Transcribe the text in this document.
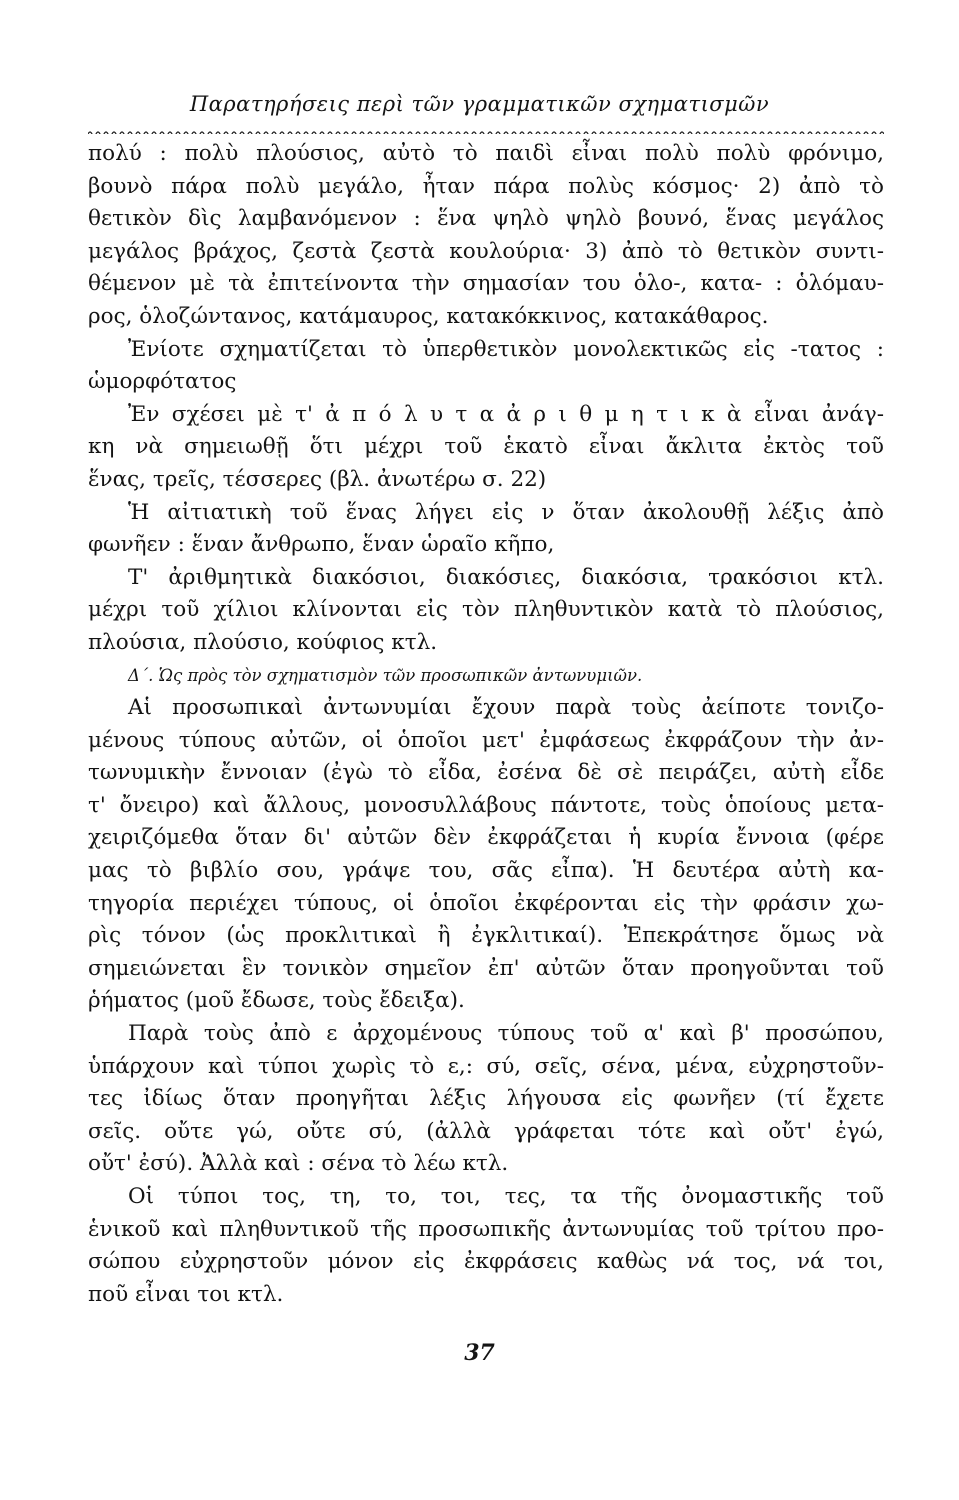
Παρατηρήσεις περὶ τῶν γραμματικῶν σχηματισμῶν
πολύ : πολὺ πλούσιος, αὐτὸ τὸ παιδὶ εἶναι πολὺ πολὺ φρόνιμο,
βουνὸ πάρα πολὺ μεγάλο, ἦταν πάρα πολὺς κόσμος· 2) ἀπὸ τὸ
θετικὸν δὶς λαμβανόμενον : ἕνα ψηλὸ ψηλὸ βουνό, ἕνας μεγάλος
μεγάλος βράχος, ζεστὰ ζεστὰ κουλούρια· 3) ἀπὸ τὸ θετικὸν συντι-
θέμενον μὲ τὰ ἐπιτείνοντα τὴν σημασίαν του ὁλο-, κατα- : ὁλόμαυ-
ρος, ὁλοζώντανος, κατάμαυρος, κατακόκκινος, κατακάθαρος.
Ἐνίοτε σχηματίζεται τὸ ὑπερθετικὸν μονολεκτικῶς εἰς -τατος :
ὡμορφότατος
Ἐν σχέσει μὲ τ' ἀ π ό λ υ τ α ἀ ρ ι θ μ η τ ι κ ὰ εἶναι ἀνάγ-
κη νὰ σημειωθῇ ὅτι μέχρι τοῦ ἑκατὸ εἶναι ἄκλιτα ἐκτὸς τοῦ
ἕνας, τρεῖς, τέσσερες (βλ. ἀνωτέρω σ. 22)
Ἡ αἰτιατικὴ τοῦ ἕνας λήγει εἰς ν ὅταν ἀκολουθῇ λέξις ἀπὸ
φωνῆεν : ἕναν ἄνθρωπο, ἕναν ὡραῖο κῆπο,
Τ' ἀριθμητικὰ διακόσιοι, διακόσιες, διακόσια, τρακόσιοι κτλ.
μέχρι τοῦ χίλιοι κλίνονται εἰς τὸν πληθυντικὸν κατὰ τὸ πλούσιος,
πλούσια, πλούσιο, κούφιος κτλ.
Δ΄. Ὡς πρὸς τὸν σχηματισμὸν τῶν προσωπικῶν ἀντωνυμιῶν.
Αἱ προσωπικαὶ ἀντωνυμίαι ἔχουν παρὰ τοὺς ἀείποτε τονιζο-
μένους τύπους αὐτῶν, οἱ ὁποῖοι μετ' ἐμφάσεως ἐκφράζουν τὴν ἀν-
τωνυμικὴν ἔννοιαν (ἐγὼ τὸ εἶδα, ἐσένα δὲ σὲ πειράζει, αὐτὴ εἶδε
τ' ὄνειρο) καὶ ἄλλους, μονοσυλλάβους πάντοτε, τοὺς ὁποίους μετα-
χειριζόμεθα ὅταν δι' αὐτῶν δὲν ἐκφράζεται ἡ κυρία ἔννοια (φέρε
μας τὸ βιβλίο σου, γράψε του, σᾶς εἶπα). Ἡ δευτέρα αὐτὴ κα-
τηγορία περιέχει τύπους, οἱ ὁποῖοι ἐκφέρονται εἰς τὴν φράσιν χω-
ρὶς τόνον (ὡς προκλιτικαὶ ἢ ἐγκλιτικαί). Ἐπεκράτησε ὅμως νὰ
σημειώνεται ἓν τονικὸν σημεῖον ἐπ' αὐτῶν ὅταν προηγοῦνται τοῦ
ῥήματος (μοῦ ἔδωσε, τοὺς ἔδειξα).
Παρὰ τοὺς ἀπὸ ε ἀρχομένους τύπους τοῦ α' καὶ β' προσώπου,
ὑπάρχουν καὶ τύποι χωρὶς τὸ ε,: σύ, σεῖς, σένα, μένα, εὐχρηστοῦν-
τες ἰδίως ὅταν προηγῆται λέξις λήγουσα εἰς φωνῆεν (τί ἔχετε
σεῖς. οὔτε γώ, οὔτε σύ, (ἀλλὰ γράφεται τότε καὶ οὔτ' ἐγώ,
οὔτ' ἐσύ). Ἀλλὰ καὶ : σένα τὸ λέω κτλ.
Οἱ τύποι τος, τη, το, τοι, τες, τα τῆς ὀνομαστικῆς τοῦ
ἑνικοῦ καὶ πληθυντικοῦ τῆς προσωπικῆς ἀντωνυμίας τοῦ τρίτου προ-
σώπου εὐχρηστοῦν μόνον εἰς ἐκφράσεις καθὼς νά τος, νά τοι,
ποῦ εἶναι τοι κτλ.
37
